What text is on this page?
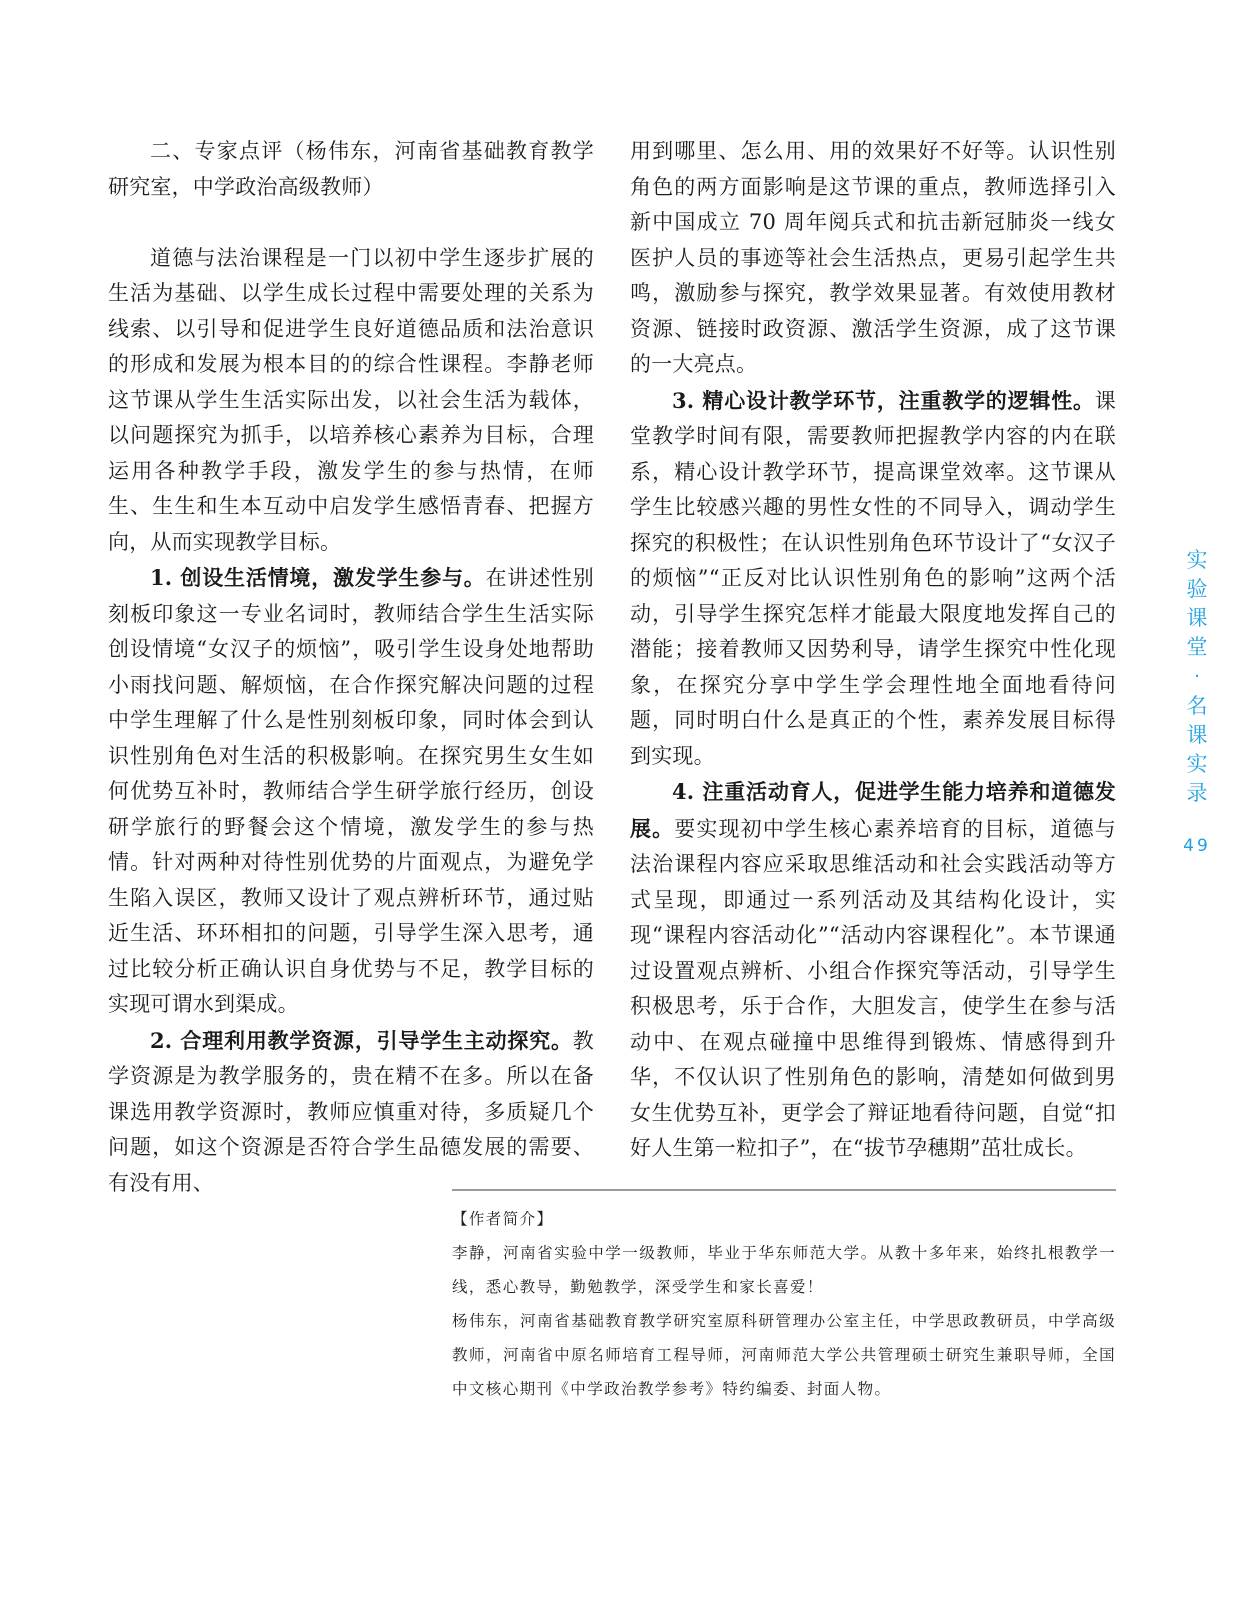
二、专家点评（杨伟东，河南省基础教育教学研究室，中学政治高级教师）

道德与法治课程是一门以初中学生逐步扩展的生活为基础、以学生成长过程中需要处理的关系为线索、以引导和促进学生良好道德品质和法治意识的形成和发展为根本目的的综合性课程。李静老师这节课从学生生活实际出发，以社会生活为载体，以问题探究为抓手，以培养核心素养为目标，合理运用各种教学手段，激发学生的参与热情，在师生、生生和生本互动中启发学生感悟青春、把握方向，从而实现教学目标。

1. 创设生活情境，激发学生参与。在讲述性别刻板印象这一专业名词时，教师结合学生生活实际创设情境“女汉子的烦恼”，吸引学生设身处地帮助小雨找问题、解烦恼，在合作探究解决问题的过程中学生理解了什么是性别刻板印象，同时体会到认识性别角色对生活的积极影响。在探究男生女生如何优势互补时，教师结合学生研学旅行经历，创设研学旅行的野餐会这个情境，激发学生的参与热情。针对两种对待性别优势的片面观点，为避免学生陷入误区，教师又设计了观点辨析环节，通过贴近生活、环环相扣的问题，引导学生深入思考，通过比较分析正确认识自身优势与不足，教学目标的实现可谓水到渠成。

2. 合理利用教学资源，引导学生主动探究。教学资源是为教学服务的，贵在精不在多。所以在备课选用教学资源时，教师应慎重对待，多质疑几个问题，如这个资源是否符合学生品德发展的需要、有没有用、

用到哪里、怎么用、用的效果好不好等。认识性别角色的两方面影响是这节课的重点，教师选择引入新中国成立 70 周年阅兵式和抗击新冠肺炎一线女医护人员的事迹等社会生活热点，更易引起学生共鸣，激励参与探究，教学效果显著。有效使用教材资源、链接时政资源、激活学生资源，成了这节课的一大亮点。

3. 精心设计教学环节，注重教学的逻辑性。课堂教学时间有限，需要教师把握教学内容的内在联系，精心设计教学环节，提高课堂效率。这节课从学生比较感兴趣的男性女性的不同导入，调动学生探究的积极性；在认识性别角色环节设计了“女汉子的烦恼”“正反对比认识性别角色的影响”这两个活动，引导学生探究怎样才能最大限度地发挥自己的潜能；接着教师又因势利导，请学生探究中性化现象，在探究分享中学生学会理性地全面地看待问题，同时明白什么是真正的个性，素养发展目标得到实现。

4. 注重活动育人，促进学生能力培养和道德发展。要实现初中学生核心素养培育的目标，道德与法治课程内容应采取思维活动和社会实践活动等方式呈现，即通过一系列活动及其结构化设计，实现“课程内容活动化”“活动内容课程化”。本节课通过设置观点辨析、小组合作探究等活动，引导学生积极思考，乐于合作，大胆发言，使学生在参与活动中、在观点碰撞中思维得到锻炼、情感得到升华，不仅认识了性别角色的影响，清楚如何做到男女生优势互补，更学会了辩证地看待问题，自觉“扣好人生第一粒扣子”，在“拔节孕穗期”茁壮成长。

实
验
课
堂
·
名
课
实
录
49

【作者简介】

李静，河南省实验中学一级教师，毕业于华东师范大学。从教十多年来，始终扎根教学一线，悉心教导，勤勉教学，深受学生和家长喜爱！

杨伟东，河南省基础教育教学研究室原科研管理办公室主任，中学思政教研员，中学高级教师，河南省中原名师培育工程导师，河南师范大学公共管理硕士研究生兼职导师，全国中文核心期刊《中学政治教学参考》特约编委、封面人物。
